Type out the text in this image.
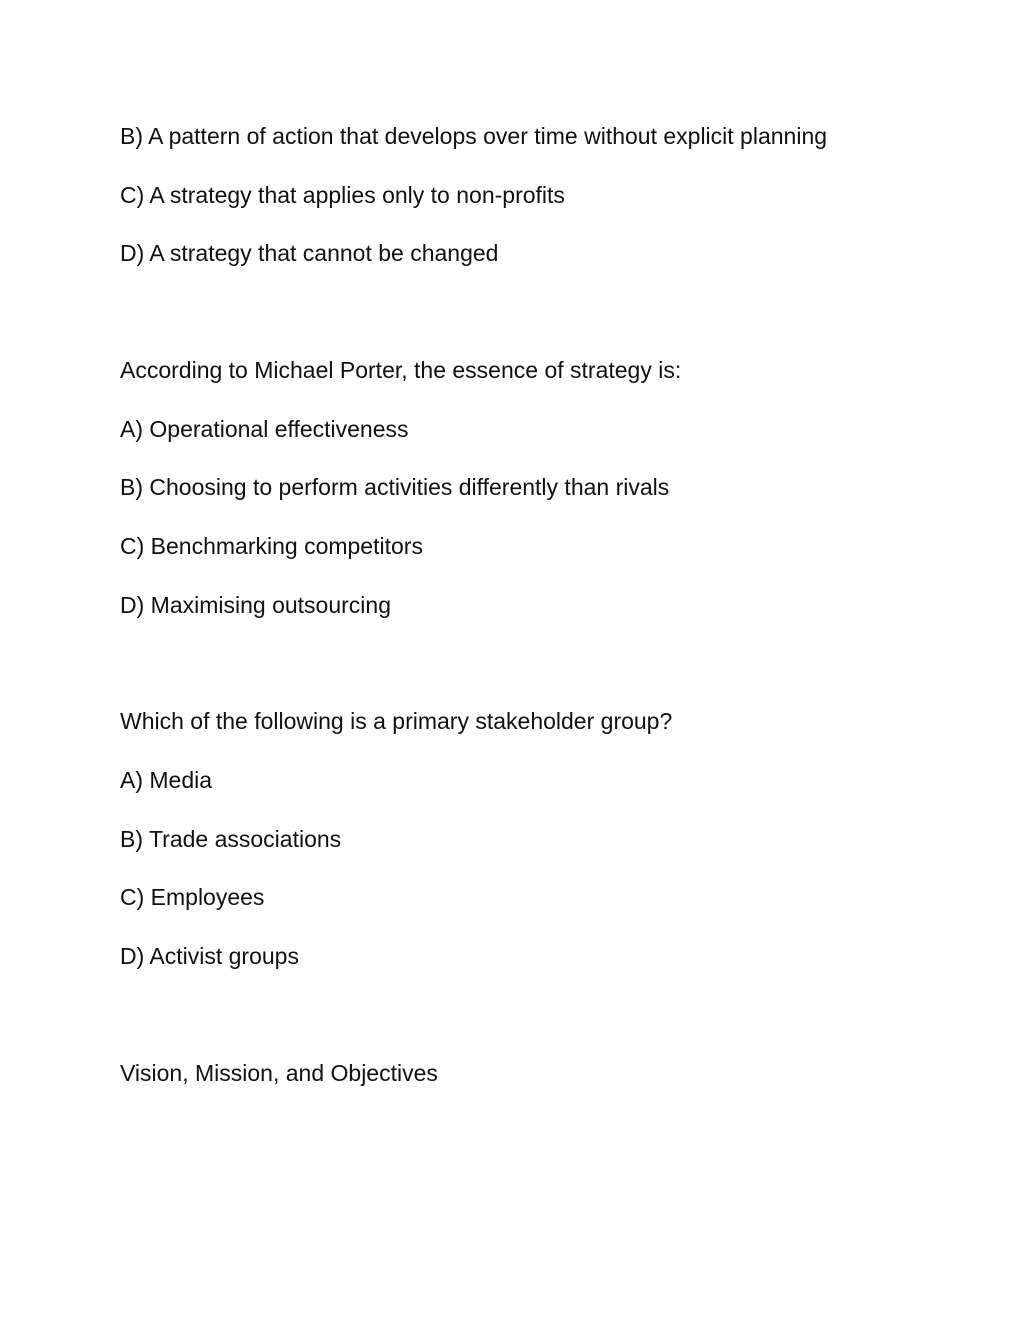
B) A pattern of action that develops over time without explicit planning
C) A strategy that applies only to non-profits
D) A strategy that cannot be changed
According to Michael Porter, the essence of strategy is:
A) Operational effectiveness
B) Choosing to perform activities differently than rivals
C) Benchmarking competitors
D) Maximising outsourcing
Which of the following is a primary stakeholder group?
A) Media
B) Trade associations
C) Employees
D) Activist groups
Vision, Mission, and Objectives
